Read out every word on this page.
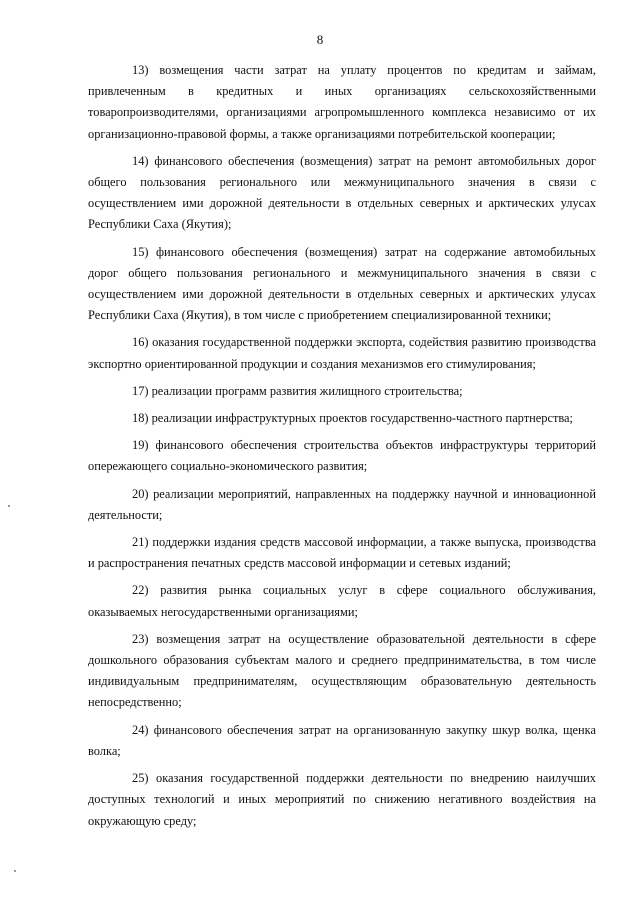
8

13) возмещения части затрат на уплату процентов по кредитам и займам, привлеченным в кредитных и иных организациях сельскохозяйственными товаропроизводителями, организациями агропромышленного комплекса независимо от их организационно-правовой формы, а также организациями потребительской кооперации;

14) финансового обеспечения (возмещения) затрат на ремонт автомобильных дорог общего пользования регионального или межмуниципального значения в связи с осуществлением ими дорожной деятельности в отдельных северных и арктических улусах Республики Саха (Якутия);

15) финансового обеспечения (возмещения) затрат на содержание автомобильных дорог общего пользования регионального и межмуниципального значения в связи с осуществлением ими дорожной деятельности в отдельных северных и арктических улусах Республики Саха (Якутия), в том числе с приобретением специализированной техники;

16) оказания государственной поддержки экспорта, содействия развитию производства экспортно ориентированной продукции и создания механизмов его стимулирования;

17) реализации программ развития жилищного строительства;

18) реализации инфраструктурных проектов государственно-частного партнерства;

19) финансового обеспечения строительства объектов инфраструктуры территорий опережающего социально-экономического развития;

20) реализации мероприятий, направленных на поддержку научной и инновационной деятельности;

21) поддержки издания средств массовой информации, а также выпуска, производства и распространения печатных средств массовой информации и сетевых изданий;

22) развития рынка социальных услуг в сфере социального обслуживания, оказываемых негосударственными организациями;

23) возмещения затрат на осуществление образовательной деятельности в сфере дошкольного образования субъектам малого и среднего предпринимательства, в том числе индивидуальным предпринимателям, осуществляющим образовательную деятельность непосредственно;

24) финансового обеспечения затрат на организованную закупку шкур волка, щенка волка;

25) оказания государственной поддержки деятельности по внедрению наилучших доступных технологий и иных мероприятий по снижению негативного воздействия на окружающую среду;
